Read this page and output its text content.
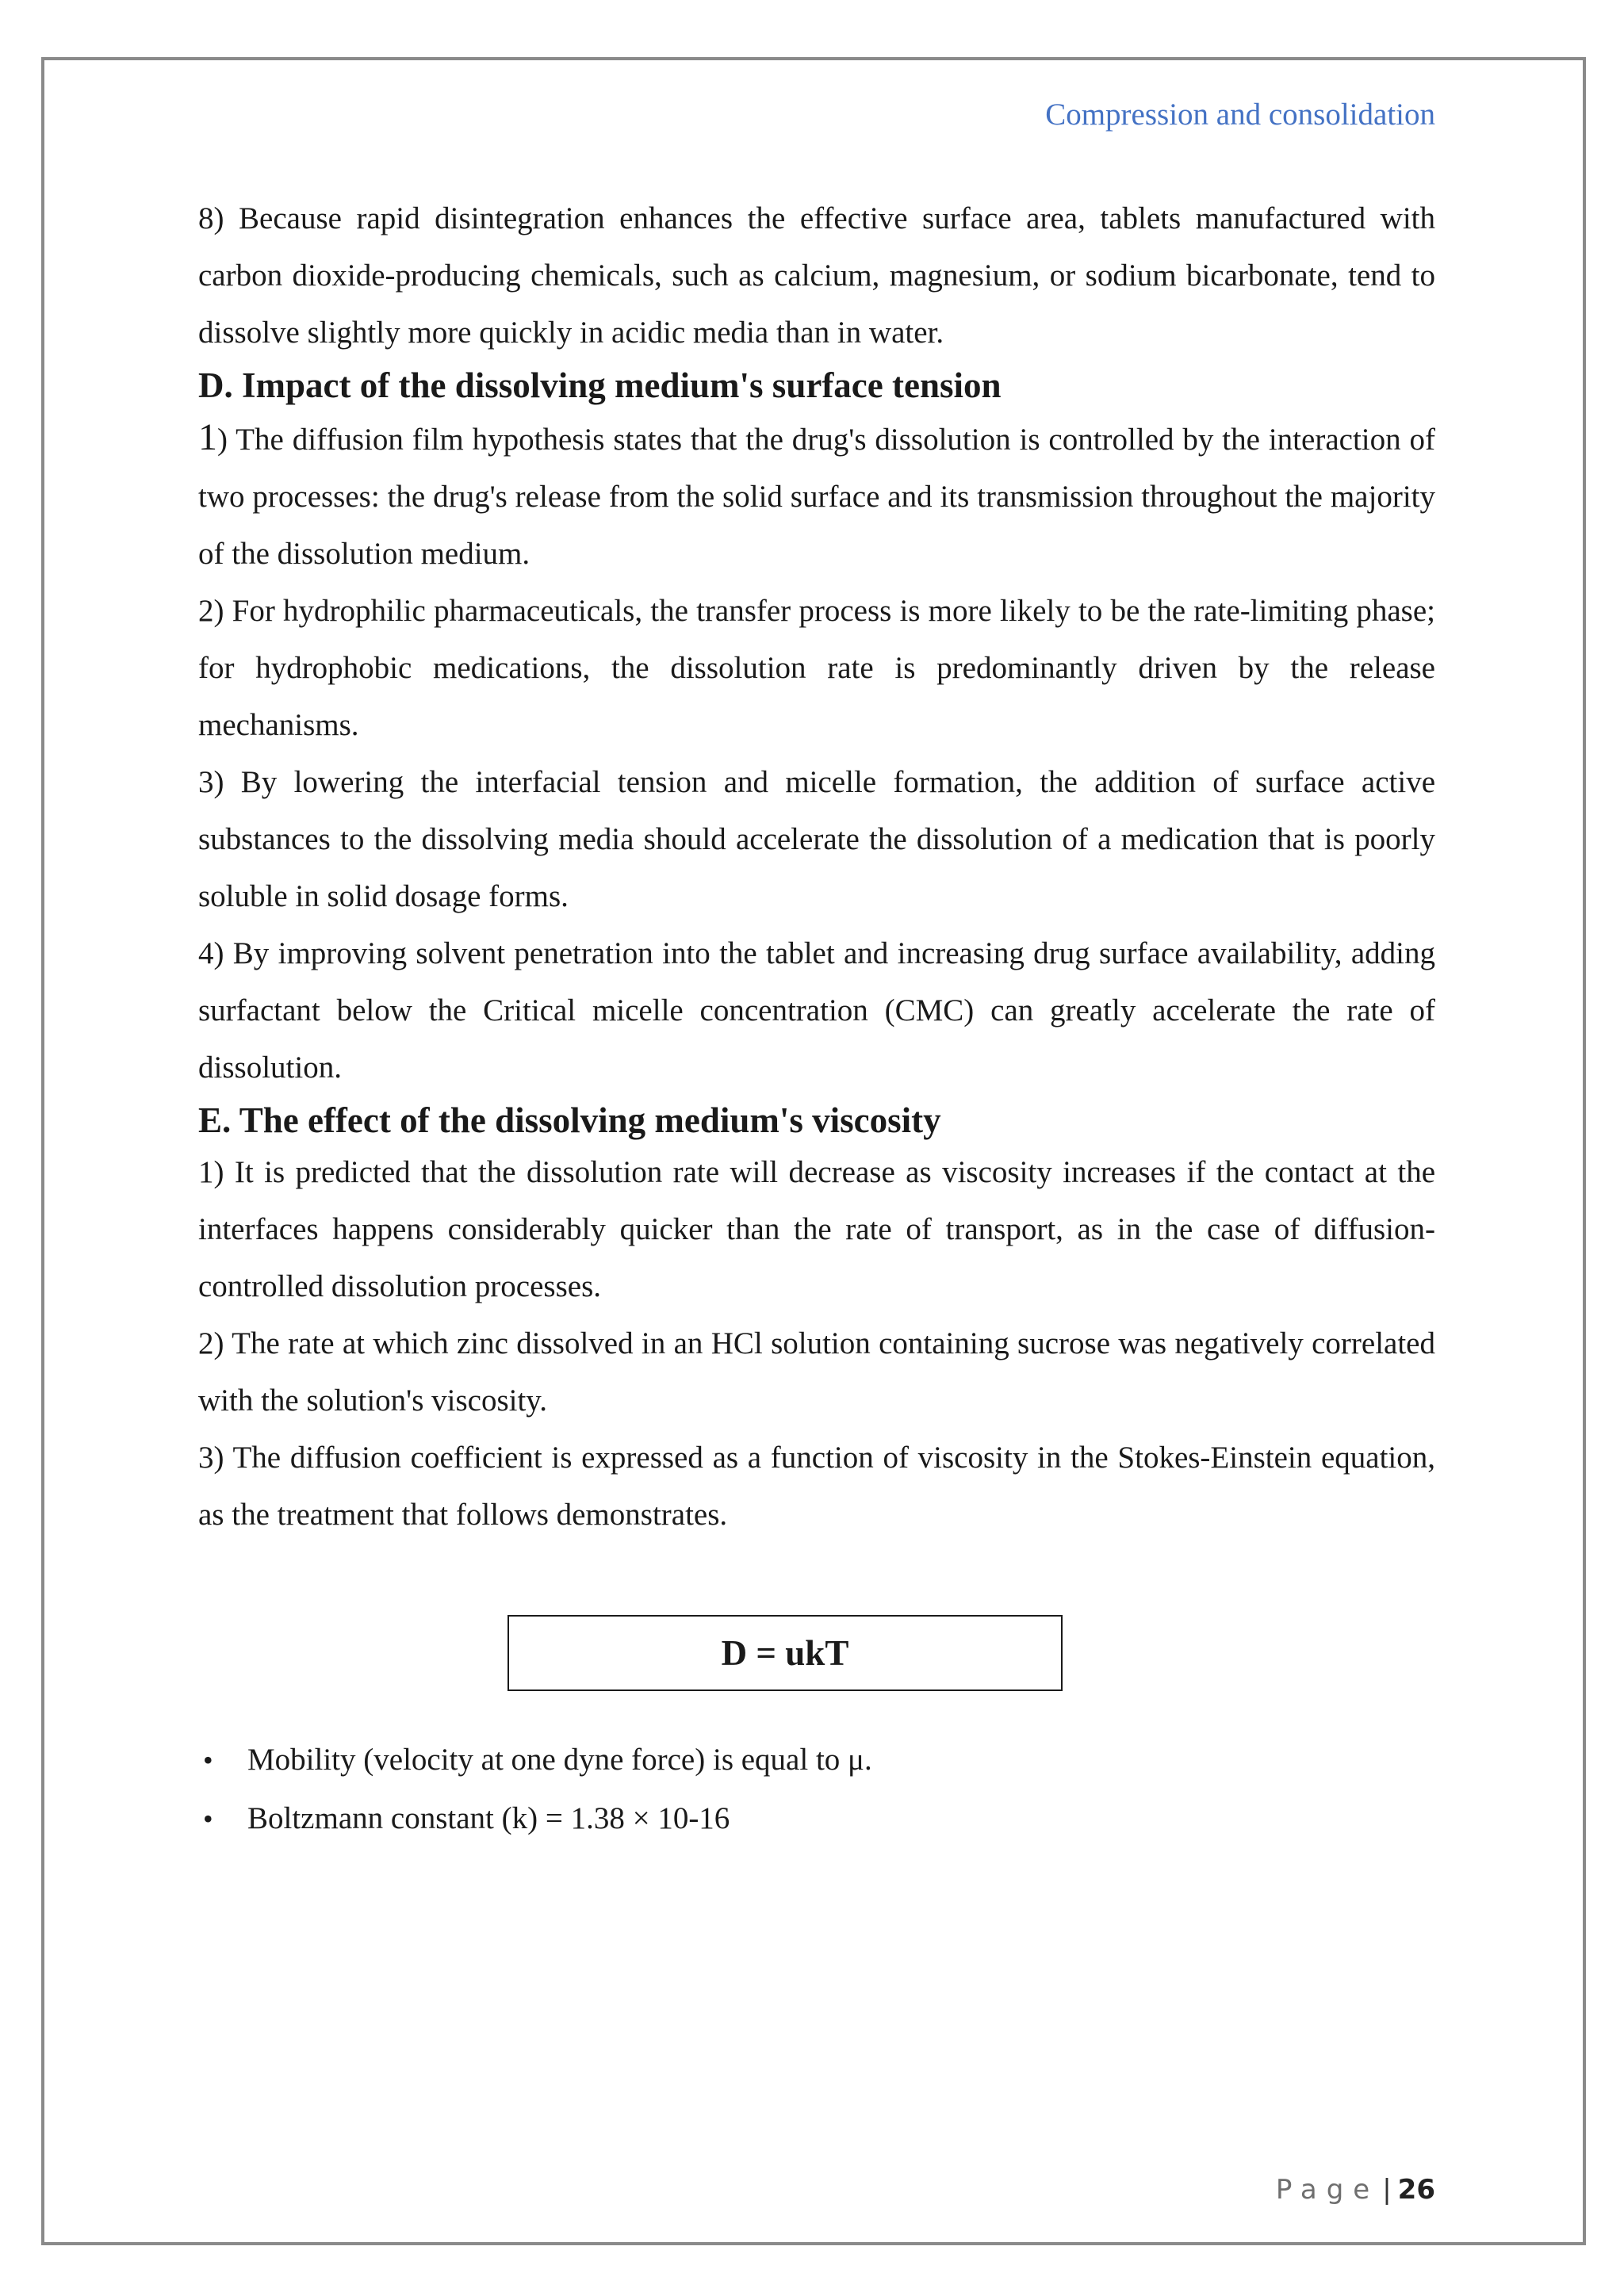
Compression and consolidation

8) Because rapid disintegration enhances the effective surface area, tablets manufactured with carbon dioxide-producing chemicals, such as calcium, magnesium, or sodium bicarbonate, tend to dissolve slightly more quickly in acidic media than in water.

D. Impact of the dissolving medium's surface tension

1) The diffusion film hypothesis states that the drug's dissolution is controlled by the interaction of two processes: the drug's release from the solid surface and its transmission throughout the majority of the dissolution medium.

2) For hydrophilic pharmaceuticals, the transfer process is more likely to be the rate-limiting phase; for hydrophobic medications, the dissolution rate is predominantly driven by the release mechanisms.

3) By lowering the interfacial tension and micelle formation, the addition of surface active substances to the dissolving media should accelerate the dissolution of a medication that is poorly soluble in solid dosage forms.

4) By improving solvent penetration into the tablet and increasing drug surface availability, adding surfactant below the Critical micelle concentration (CMC) can greatly accelerate the rate of dissolution.

E. The effect of the dissolving medium's viscosity

1) It is predicted that the dissolution rate will decrease as viscosity increases if the contact at the interfaces happens considerably quicker than the rate of transport, as in the case of diffusion-controlled dissolution processes.

2) The rate at which zinc dissolved in an HCl solution containing sucrose was negatively correlated with the solution's viscosity.

3) The diffusion coefficient is expressed as a function of viscosity in the Stokes-Einstein equation, as the treatment that follows demonstrates.

D = ukT
• Mobility (velocity at one dyne force) is equal to μ.
• Boltzmann constant (k) = 1.38 × 10-16
Page | 26
